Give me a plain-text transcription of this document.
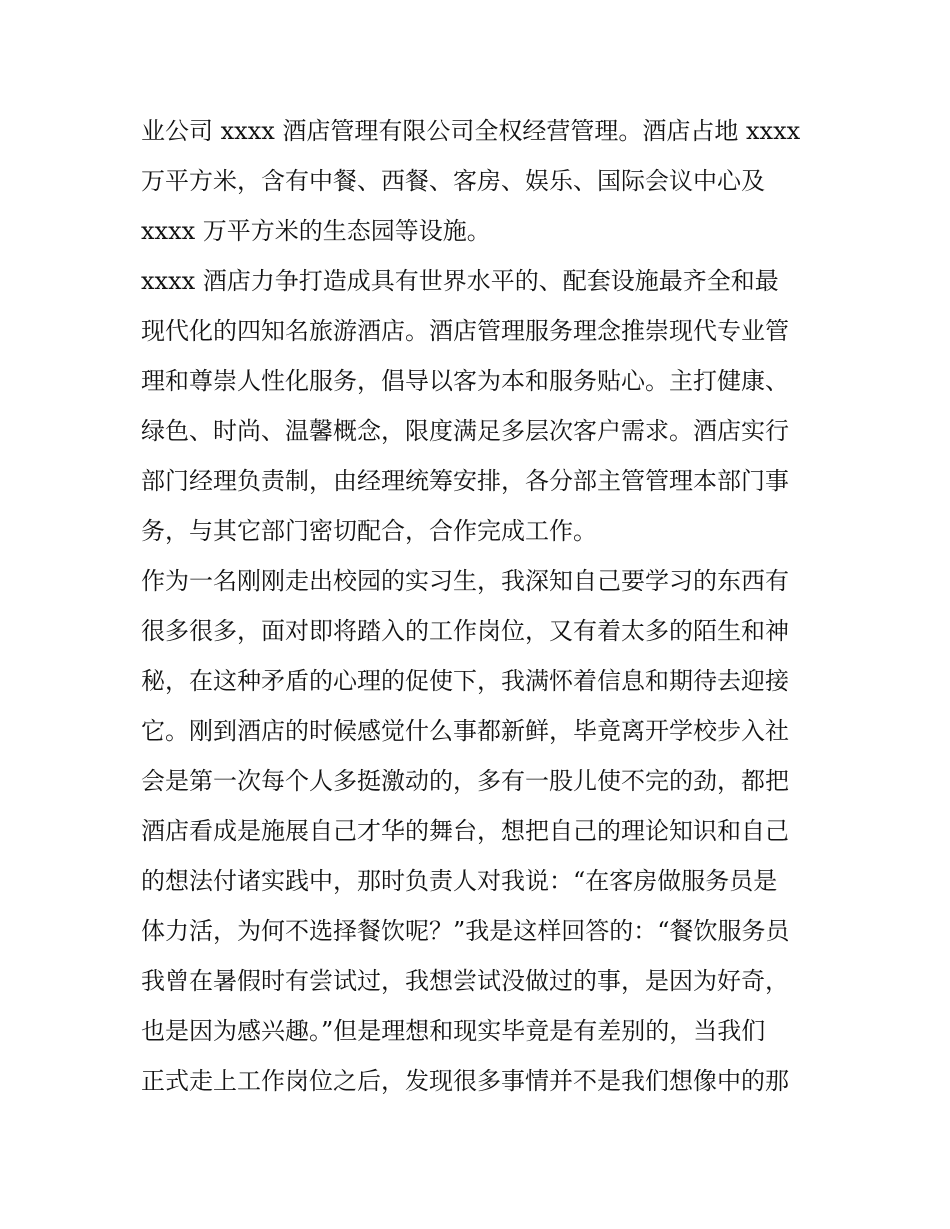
业公司 xxxx 酒店管理有限公司全权经营管理。酒店占地 xxxx
万平方米，含有中餐、西餐、客房、娱乐、国际会议中心及
xxxx 万平方米的生态园等设施。
xxxx 酒店力争打造成具有世界水平的、配套设施最齐全和最
现代化的四知名旅游酒店。酒店管理服务理念推崇现代专业管
理和尊崇人性化服务，倡导以客为本和服务贴心。主打健康、
绿色、时尚、温馨概念，限度满足多层次客户需求。酒店实行
部门经理负责制，由经理统筹安排，各分部主管管理本部门事
务，与其它部门密切配合，合作完成工作。
作为一名刚刚走出校园的实习生，我深知自己要学习的东西有
很多很多，面对即将踏入的工作岗位，又有着太多的陌生和神
秘，在这种矛盾的心理的促使下，我满怀着信息和期待去迎接
它。刚到酒店的时候感觉什么事都新鲜，毕竟离开学校步入社
会是第一次每个人多挺激动的，多有一股儿使不完的劲，都把
酒店看成是施展自己才华的舞台，想把自己的理论知识和自己
的想法付诸实践中，那时负责人对我说：“在客房做服务员是
体力活，为何不选择餐饮呢？”我是这样回答的：“餐饮服务员
我曾在暑假时有尝试过，我想尝试没做过的事，是因为好奇，
也是因为感兴趣。”但是理想和现实毕竟是有差别的，当我们
正式走上工作岗位之后，发现很多事情并不是我们想像中的那
